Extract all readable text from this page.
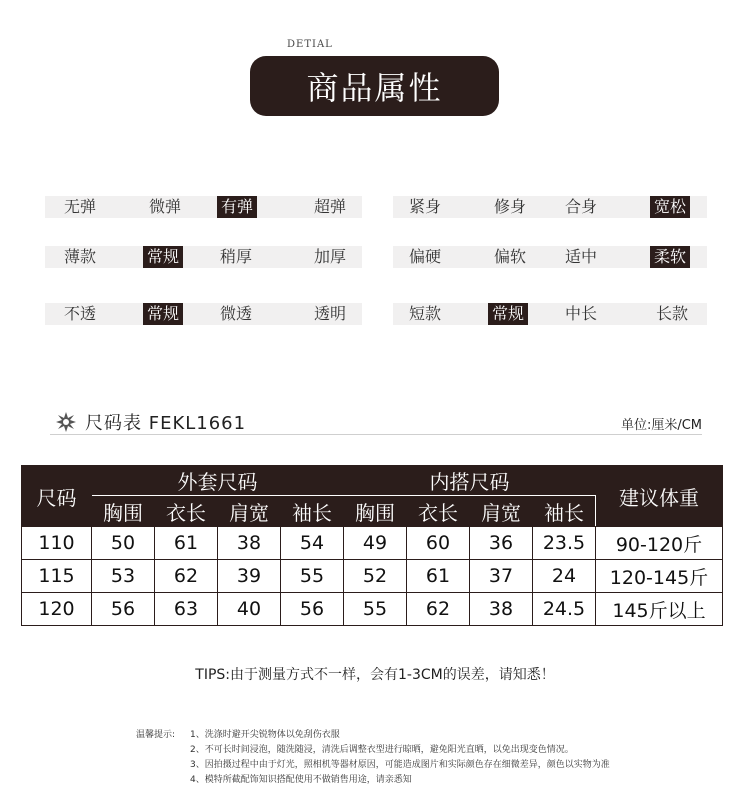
DETIAL
商品属性
无弹	微弹	有弹	超弹	紧身	修身	合身	宽松
薄款	常规	稍厚	加厚	偏硬	偏软	适中	柔软
不透	常规	微透	透明	短款	常规	中长	长款
尺码表 FEKL1661	单位:厘米/CM
尺码	外套尺码				内搭尺码				建议体重
	胸围	衣长	肩宽	袖长	胸围	衣长	肩宽	袖长	
110	50	61	38	54	49	60	36	23.5	90-120斤
115	53	62	39	55	52	61	37	24	120-145斤
120	56	63	40	56	55	62	38	24.5	145斤以上
TIPS:由于测量方式不一样，会有1-3CM的误差，请知悉！
温馨提示: 1、洗涤时避开尖锐物体以免刮伤衣服
2、不可长时间浸泡，随洗随浸，清洗后调整衣型进行晾晒，避免阳光直晒，以免出现变色情况。
3、因拍摄过程中由于灯光，照相机等器材原因，可能造成图片和实际颜色存在细微差异，颜色以实物为准
4、模特所截配饰知识搭配使用不做销售用途，请亲悉知
